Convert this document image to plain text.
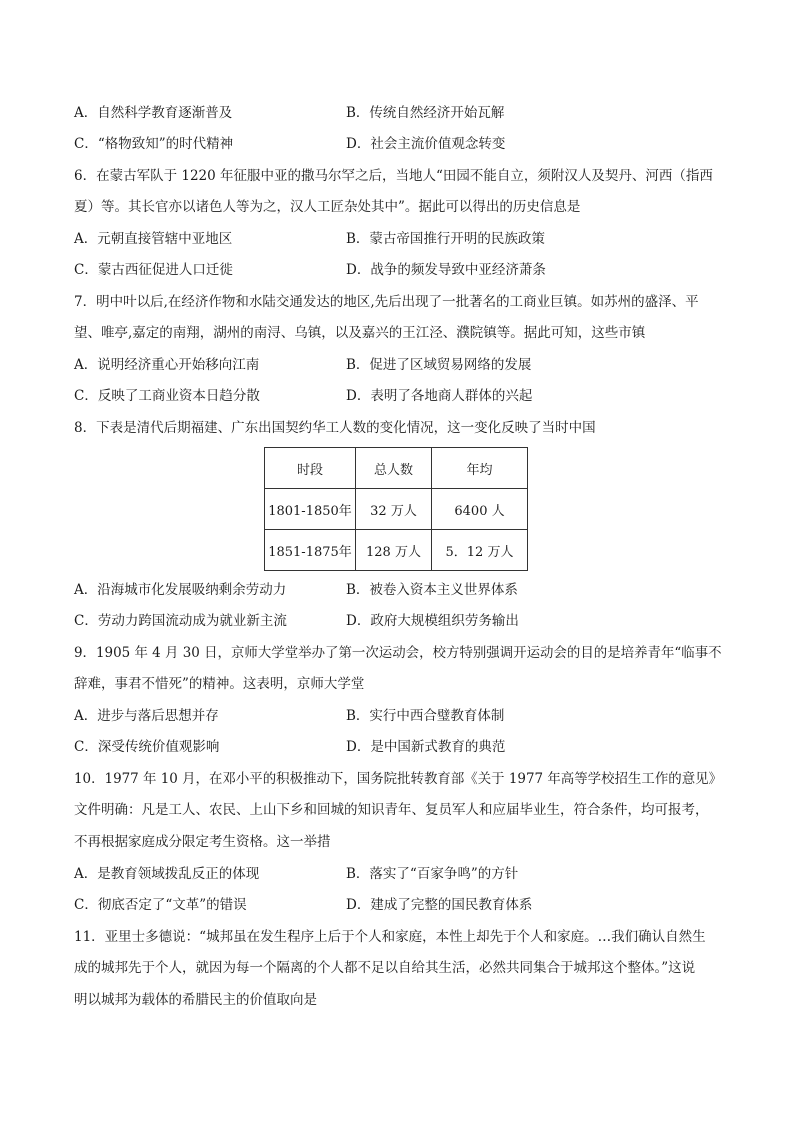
A．自然科学教育逐渐普及	B．传统自然经济开始瓦解
C．“格物致知”的时代精神	D．社会主流价值观念转变
6．在蒙古军队于 1220 年征服中亚的撒马尔罕之后，当地人“田园不能自立，须附汉人及契丹、河西（指西
夏）等。其长官亦以诸色人等为之，汉人工匠杂处其中”。据此可以得出的历史信息是
A．元朝直接管辖中亚地区	B．蒙古帝国推行开明的民族政策
C．蒙古西征促进人口迁徙	D．战争的频发导致中亚经济萧条
7．明中叶以后,在经济作物和水陆交通发达的地区,先后出现了一批著名的工商业巨镇。如苏州的盛泽、平
望、唯亭,嘉定的南翔，湖州的南浔、乌镇，以及嘉兴的王江泾、濮院镇等。据此可知，这些市镇
A．说明经济重心开始移向江南	B．促进了区域贸易网络的发展
C．反映了工商业资本日趋分散	D．表明了各地商人群体的兴起
8．下表是清代后期福建、广东出国契约华工人数的变化情况，这一变化反映了当时中国
时段	总人数	年均
1801-1850年	32 万人	6400 人
1851-1875年	128 万人	5．12 万人
A．沿海城市化发展吸纳剩余劳动力	B．被卷入资本主义世界体系
C．劳动力跨国流动成为就业新主流	D．政府大规模组织劳务输出
9．1905 年 4 月 30 日，京师大学堂举办了第一次运动会，校方特别强调开运动会的目的是培养青年“临事不
辞难，事君不惜死”的精神。这表明，京师大学堂
A．进步与落后思想并存	B．实行中西合璧教育体制
C．深受传统价值观影响	D．是中国新式教育的典范
10．1977 年 10 月，在邓小平的积极推动下，国务院批转教育部《关于 1977 年高等学校招生工作的意见》
文件明确：凡是工人、农民、上山下乡和回城的知识青年、复员军人和应届毕业生，符合条件，均可报考，
不再根据家庭成分限定考生资格。这一举措
A．是教育领域拨乱反正的体现	B．落实了“百家争鸣”的方针
C．彻底否定了“文革”的错误	D．建成了完整的国民教育体系
11．亚里士多德说：“城邦虽在发生程序上后于个人和家庭，本性上却先于个人和家庭。…我们确认自然生
成的城邦先于个人，就因为每一个隔离的个人都不足以自给其生活，必然共同集合于城邦这个整体。”这说
明以城邦为载体的希腊民主的价值取向是
